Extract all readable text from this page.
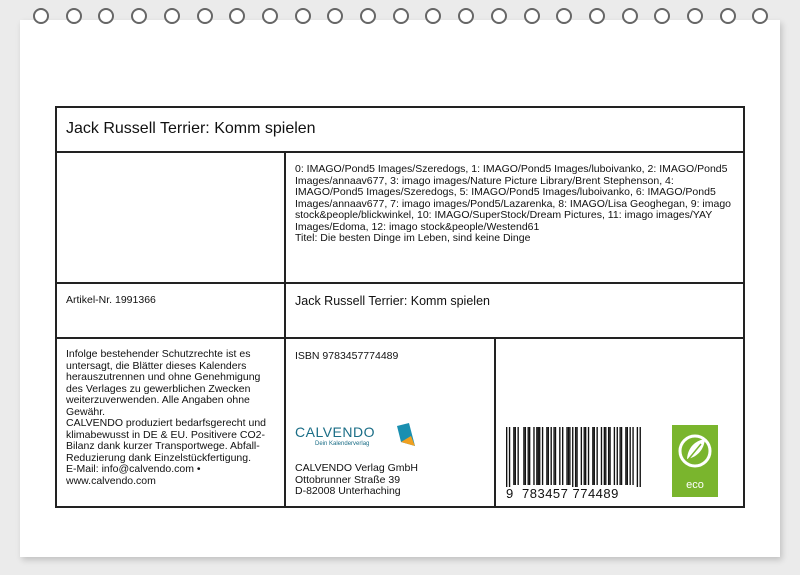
Jack Russell Terrier: Komm spielen
0: IMAGO/Pond5 Images/Szeredogs, 1: IMAGO/Pond5 Images/luboivanko, 2: IMAGO/Pond5 Images/annaav677, 3: imago images/Nature Picture Library/Brent Stephenson, 4: IMAGO/Pond5 Images/Szeredogs, 5: IMAGO/Pond5 Images/luboivanko, 6: IMAGO/Pond5 Images/annaav677, 7: imago images/Pond5/Lazarenka, 8: IMAGO/Lisa Geoghegan, 9: imago stock&people/blickwinkel, 10: IMAGO/SuperStock/Dream Pictures, 11: imago images/YAY Images/Edoma, 12: imago stock&people/Westend61
Titel: Die besten Dinge im Leben, sind keine Dinge
Artikel-Nr. 1991366	Jack Russell Terrier: Komm spielen
Infolge bestehender Schutzrechte ist es untersagt, die Blätter dieses Kalenders herauszutrennen und ohne Genehmigung des Verlages zu gewerblichen Zwecken weiterzuverwenden. Alle Angaben ohne Gewähr.
CALVENDO produziert bedarfsgerecht und klimabewusst in DE & EU. Positivere CO2-Bilanz dank kurzer Transportwege. Abfall-Reduzierung dank Einzelstückfertigung.
E-Mail: info@calvendo.com •
www.calvendo.com
ISBN 9783457774489
CALVENDO
Dein Kalenderverlag
CALVENDO Verlag GmbH
Ottobrunner Straße 39
D-82008 Unterhaching	9 783457 774489
eco
